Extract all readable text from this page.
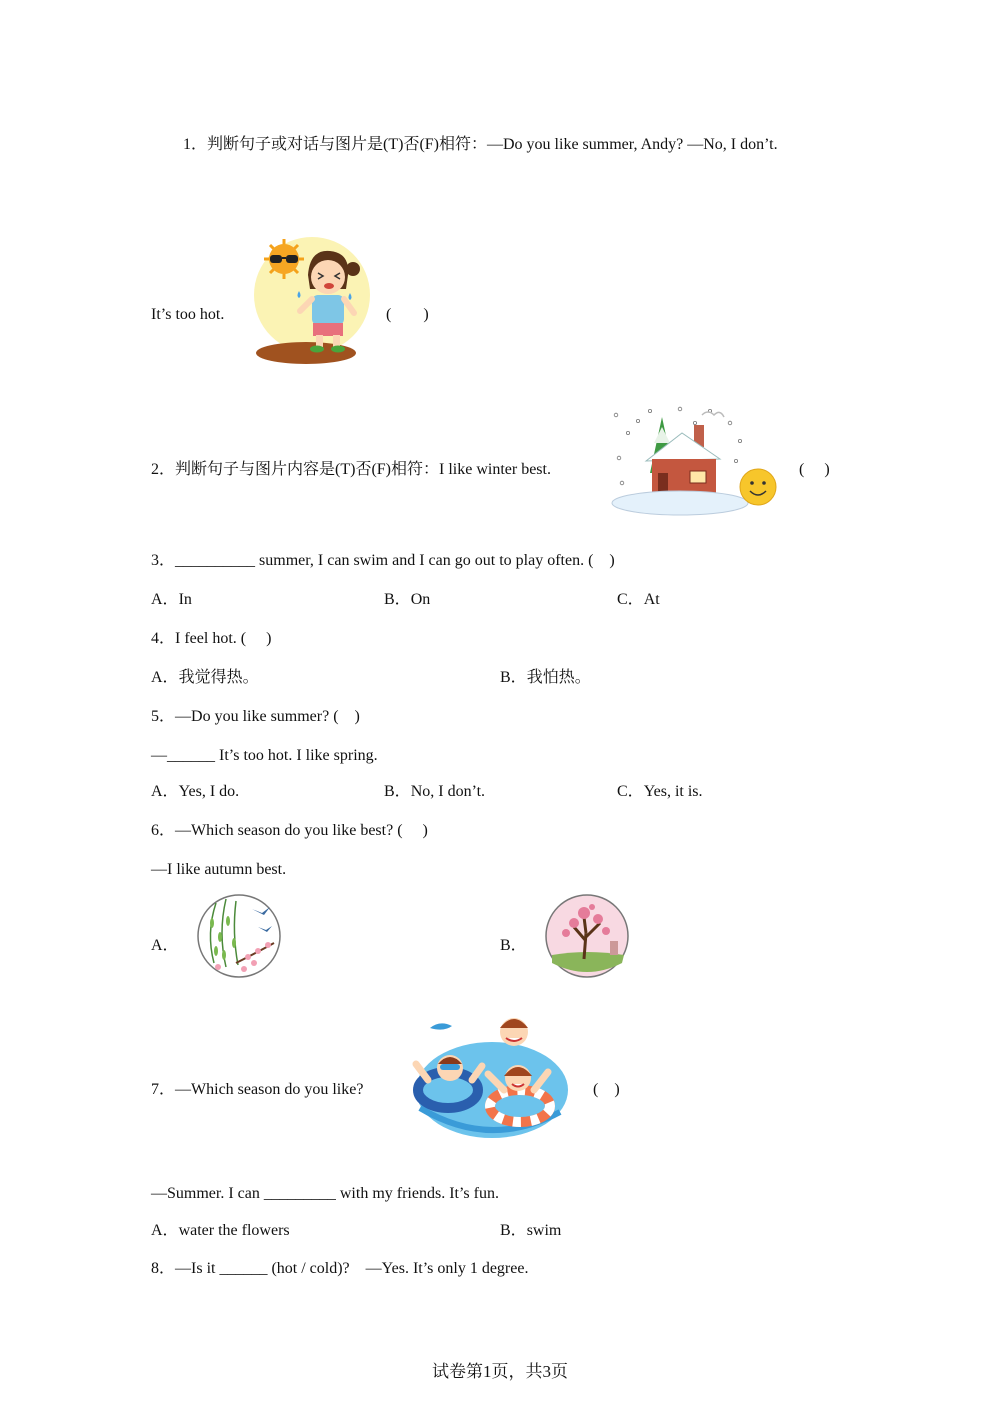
1．判断句子或对话与图片是(T)否(F)相符：—Do you like summer, Andy? —No, I don’t.
It’s too hot.	(　　)
2．判断句子与图片内容是(T)否(F)相符：I like winter best.	(　 )
3．__________ summer, I can swim and I can go out to play often. (　)
A．In	B．On	C．At
4．I feel hot. (　 )
A．我觉得热。	B．我怕热。
5．—Do you like summer? (　)
—______ It’s too hot. I like spring.
A．Yes, I do.	B．No, I don’t.	C．Yes, it is.
6．—Which season do you like best? (　 )
—I like autumn best.
A．	B．
7．—Which season do you like?	(　)
—Summer. I can _________ with my friends. It’s fun.
A．water the flowers	B．swim
8．—Is it ______ (hot / cold)?　—Yes. It’s only 1 degree.
试卷第1页，共3页
